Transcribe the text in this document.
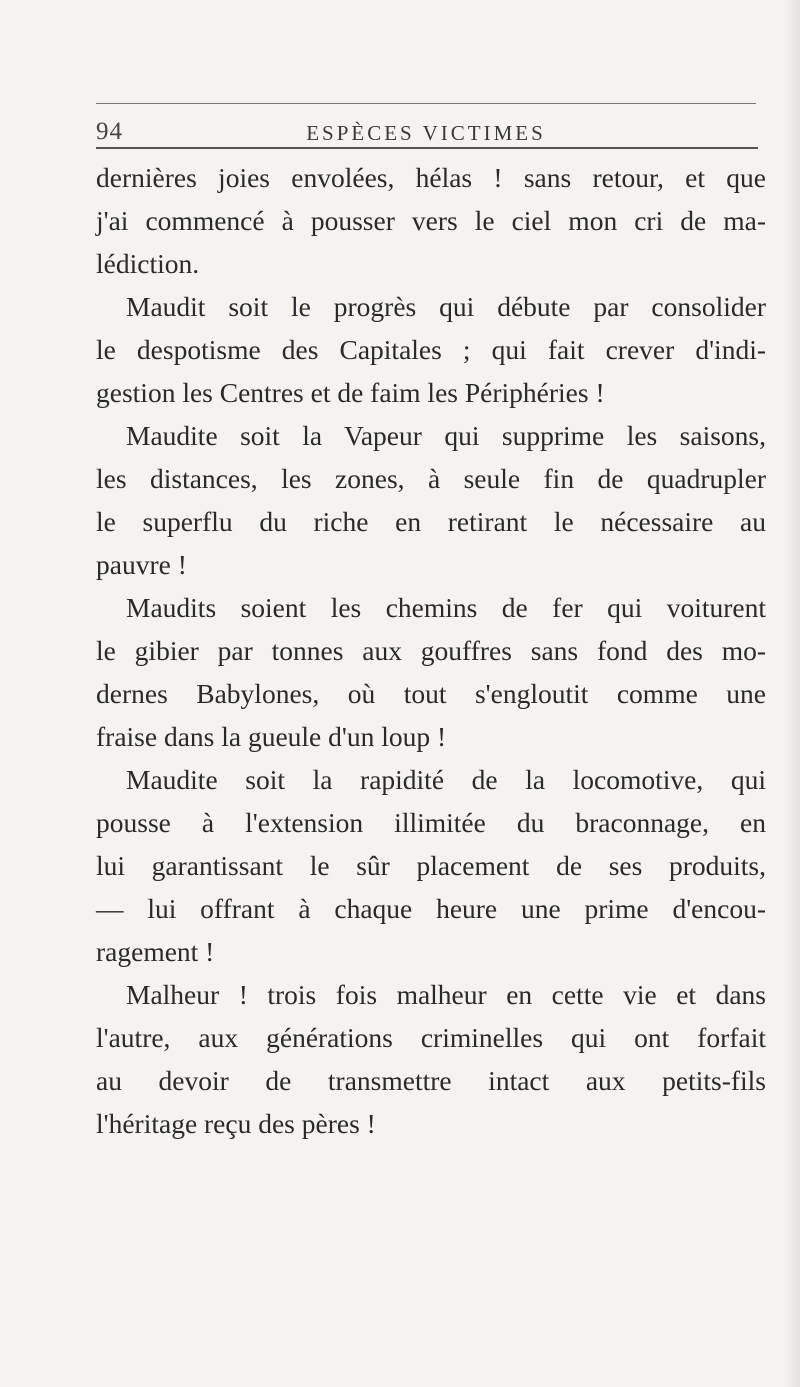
94	ESPÈCES VICTIMES
dernières joies envolées, hélas ! sans retour, et que
j'ai commencé à pousser vers le ciel mon cri de ma-
lédiction.
Maudit soit le progrès qui débute par consolider
le despotisme des Capitales ; qui fait crever d'indi-
gestion les Centres et de faim les Périphéries !
Maudite soit la Vapeur qui supprime les saisons,
les distances, les zones, à seule fin de quadrupler
le superflu du riche en retirant le nécessaire au
pauvre !
Maudits soient les chemins de fer qui voiturent
le gibier par tonnes aux gouffres sans fond des mo-
dernes Babylones, où tout s'engloutit comme une
fraise dans la gueule d'un loup !
Maudite soit la rapidité de la locomotive, qui
pousse à l'extension illimitée du braconnage, en
lui garantissant le sûr placement de ses produits,
— lui offrant à chaque heure une prime d'encou-
ragement !
Malheur ! trois fois malheur en cette vie et dans
l'autre, aux générations criminelles qui ont forfait
au devoir de transmettre intact aux petits-fils
l'héritage reçu des pères !
